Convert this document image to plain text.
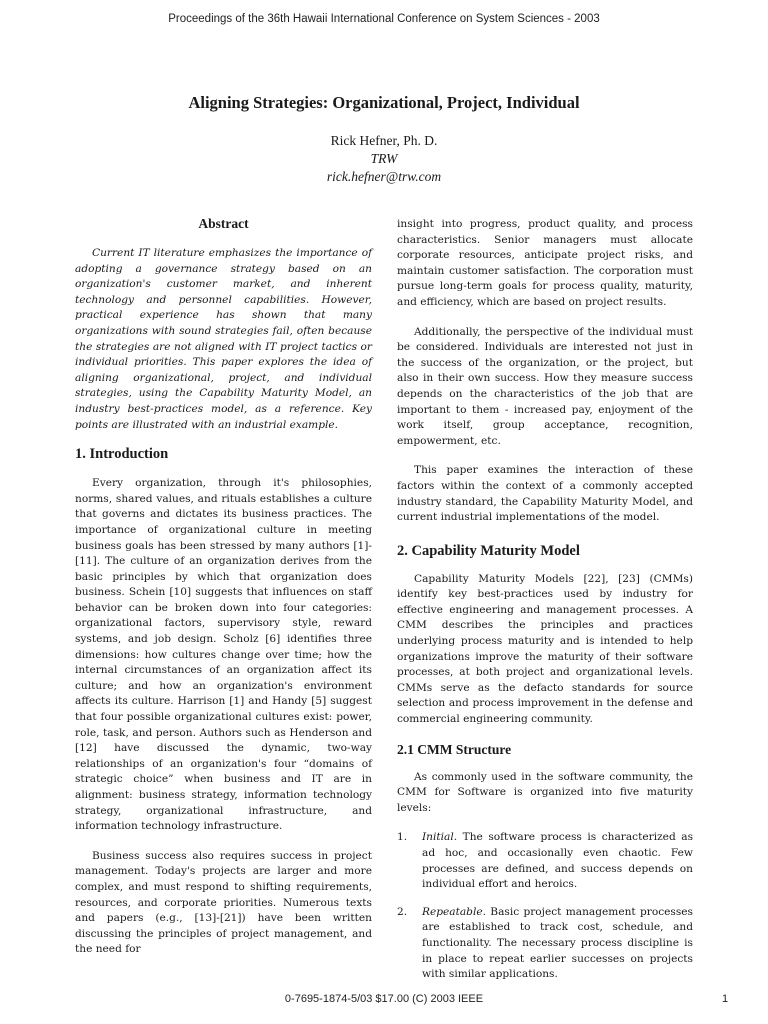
Proceedings of the 36th Hawaii International Conference on System Sciences - 2003
Aligning Strategies: Organizational, Project, Individual
Rick Hefner, Ph. D.
TRW
rick.hefner@trw.com
Abstract

Current IT literature emphasizes the importance of adopting a governance strategy based on an organization's customer market, and inherent technology and personnel capabilities. However, practical experience has shown that many organizations with sound strategies fail, often because the strategies are not aligned with IT project tactics or individual priorities. This paper explores the idea of aligning organizational, project, and individual strategies, using the Capability Maturity Model, an industry best-practices model, as a reference. Key points are illustrated with an industrial example.

1. Introduction

Every organization, through it's philosophies, norms, shared values, and rituals establishes a culture that governs and dictates its business practices. The importance of organizational culture in meeting business goals has been stressed by many authors [1]-[11]. The culture of an organization derives from the basic principles by which that organization does business. Schein [10] suggests that influences on staff behavior can be broken down into four categories: organizational factors, supervisory style, reward systems, and job design. Scholz [6] identifies three dimensions: how cultures change over time; how the internal circumstances of an organization affect its culture; and how an organization's environment affects its culture. Harrison [1] and Handy [5] suggest that four possible organizational cultures exist: power, role, task, and person. Authors such as Henderson and [12] have discussed the dynamic, two-way relationships of an organization's four “domains of strategic choice” when business and IT are in alignment: business strategy, information technology strategy, organizational infrastructure, and information technology infrastructure.

Business success also requires success in project management. Today's projects are larger and more complex, and must respond to shifting requirements, resources, and corporate priorities. Numerous texts and papers (e.g., [13]-[21]) have been written discussing the principles of project management, and the need for

insight into progress, product quality, and process characteristics. Senior managers must allocate corporate resources, anticipate project risks, and maintain customer satisfaction. The corporation must pursue long-term goals for process quality, maturity, and efficiency, which are based on project results.

Additionally, the perspective of the individual must be considered. Individuals are interested not just in the success of the organization, or the project, but also in their own success. How they measure success depends on the characteristics of the job that are important to them - increased pay, enjoyment of the work itself, group acceptance, recognition, empowerment, etc.

This paper examines the interaction of these factors within the context of a commonly accepted industry standard, the Capability Maturity Model, and current industrial implementations of the model.

2. Capability Maturity Model

Capability Maturity Models [22], [23] (CMMs) identify key best-practices used by industry for effective engineering and management processes. A CMM describes the principles and practices underlying process maturity and is intended to help organizations improve the maturity of their software processes, at both project and organizational levels. CMMs serve as the defacto standards for source selection and process improvement in the defense and commercial engineering community.

2.1 CMM Structure

As commonly used in the software community, the CMM for Software is organized into five maturity levels:

1.	Initial. The software process is characterized as ad hoc, and occasionally even chaotic. Few processes are defined, and success depends on individual effort and heroics.

2.	Repeatable. Basic project management processes are established to track cost, schedule, and functionality. The necessary process discipline is in place to repeat earlier successes on projects with similar applications.

0-7695-1874-5/03 $17.00 (C) 2003 IEEE	1
